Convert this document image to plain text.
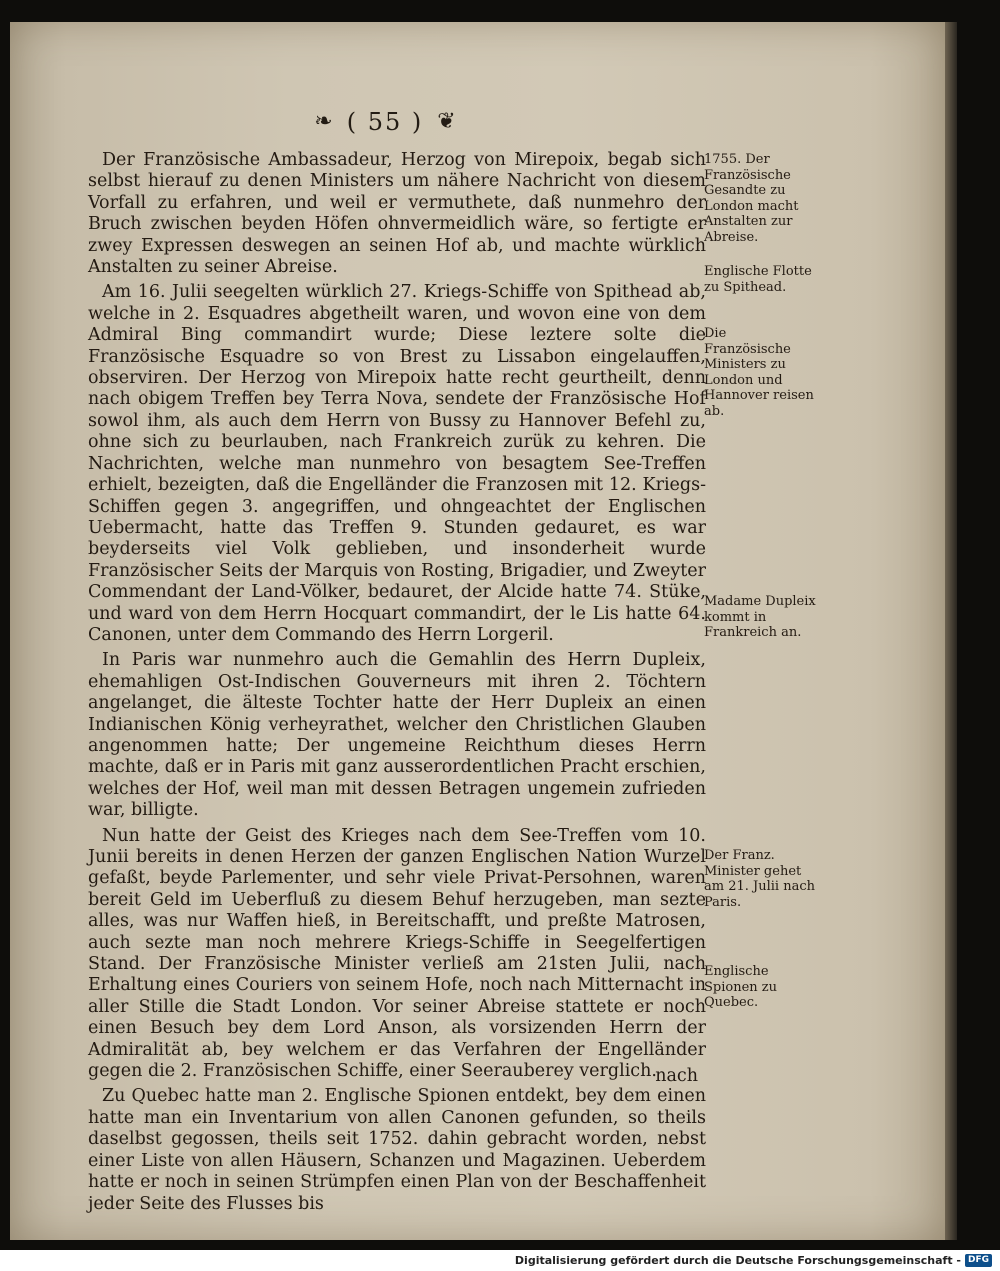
❧ ( 55 ) ❦

Der Französische Ambassadeur, Herzog von Mirepoix, begab sich selbst hierauf zu denen Ministers um nähere Nachricht von diesem Vorfall zu erfahren, und weil er vermuthete, daß nunmehro der Bruch zwischen beyden Höfen ohnvermeidlich wäre, so fertigte er zwey Expressen deswegen an seinen Hof ab, und machte würklich Anstalten zu seiner Abreise.

Am 16. Julii seegelten würklich 27. Kriegs-Schiffe von Spithead ab, welche in 2. Esquadres abgetheilt waren, und wovon eine von dem Admiral Bing commandirt wurde; Diese leztere solte die Französische Esquadre so von Brest zu Lissabon eingelauffen, observiren. Der Herzog von Mirepoix hatte recht geurtheilt, denn nach obigem Treffen bey Terra Nova, sendete der Französische Hof sowol ihm, als auch dem Herrn von Bussy zu Hannover Befehl zu, ohne sich zu beurlauben, nach Frankreich zurük zu kehren. Die Nachrichten, welche man nunmehro von besagtem See-Treffen erhielt, bezeigten, daß die Engelländer die Franzosen mit 12. Kriegs-Schiffen gegen 3. angegriffen, und ohngeachtet der Englischen Uebermacht, hatte das Treffen 9. Stunden gedauret, es war beyderseits viel Volk geblieben, und insonderheit wurde Französischer Seits der Marquis von Rosting, Brigadier, und Zweyter Commendant der Land-Völker, bedauret, der Alcide hatte 74. Stüke, und ward von dem Herrn Hocquart commandirt, der le Lis hatte 64. Canonen, unter dem Commando des Herrn Lorgeril.

In Paris war nunmehro auch die Gemahlin des Herrn Dupleix, ehemahligen Ost-Indischen Gouverneurs mit ihren 2. Töchtern angelanget, die älteste Tochter hatte der Herr Dupleix an einen Indianischen König verheyrathet, welcher den Christlichen Glauben angenommen hatte; Der ungemeine Reichthum dieses Herrn machte, daß er in Paris mit ganz ausserordentlichen Pracht erschien, welches der Hof, weil man mit dessen Betragen ungemein zufrieden war, billigte.

Nun hatte der Geist des Krieges nach dem See-Treffen vom 10. Junii bereits in denen Herzen der ganzen Englischen Nation Wurzel gefaßt, beyde Parlementer, und sehr viele Privat-Persohnen, waren bereit Geld im Ueberfluß zu diesem Behuf herzugeben, man sezte alles, was nur Waffen hieß, in Bereitschafft, und preßte Matrosen, auch sezte man noch mehrere Kriegs-Schiffe in Seegelfertigen Stand. Der Französische Minister verließ am 21sten Julii, nach Erhaltung eines Couriers von seinem Hofe, noch nach Mitternacht in aller Stille die Stadt London. Vor seiner Abreise stattete er noch einen Besuch bey dem Lord Anson, als vorsizenden Herrn der Admiralität ab, bey welchem er das Verfahren der Engelländer gegen die 2. Französischen Schiffe, einer Seerauberey verglich.

Zu Quebec hatte man 2. Englische Spionen entdekt, bey dem einen hatte man ein Inventarium von allen Canonen gefunden, so theils daselbst gegossen, theils seit 1752. dahin gebracht worden, nebst einer Liste von allen Häusern, Schanzen und Magazinen. Ueberdem hatte er noch in seinen Strümpfen einen Plan von der Beschaffenheit jeder Seite des Flusses bis

nach
1755. Der Französische Gesandte zu London macht Anstalten zur Abreise.
Englische Flotte zu Spithead.
Die Französische Ministers zu London und Hannover reisen ab.
Madame Dupleix kommt in Frankreich an.
Der Franz. Minister gehet am 21. Julii nach Paris.
Englische Spionen zu Quebec.
Digitalisierung gefördert durch die Deutsche Forschungsgemeinschaft - DFG
